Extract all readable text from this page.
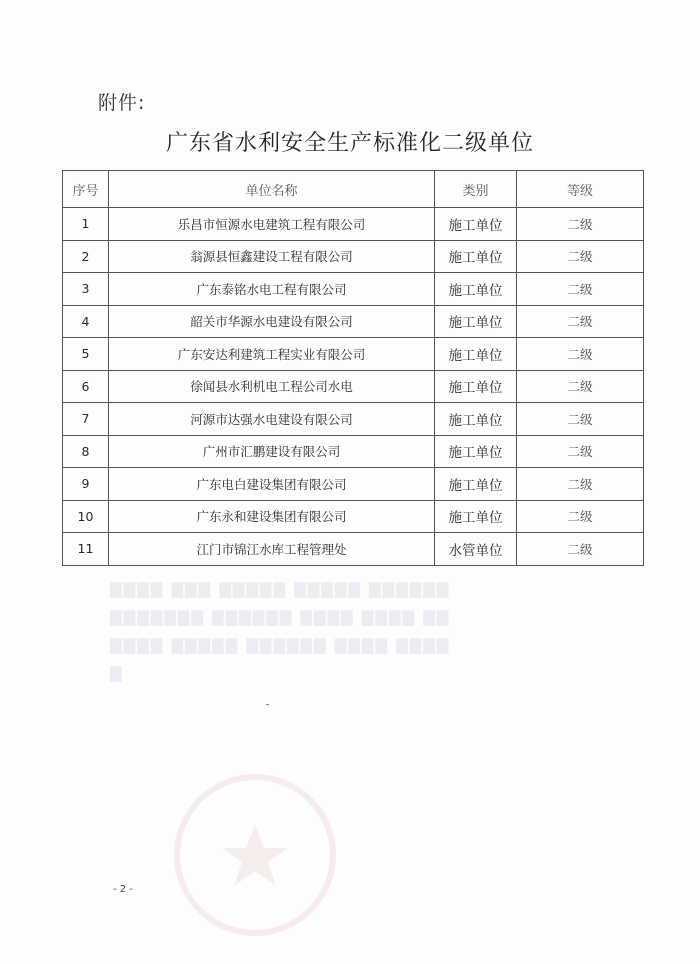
▇▇▇▇ ▇▇▇ ▇▇▇▇▇ ▇▇▇▇▇ ▇▇▇▇▇▇
▇▇▇▇▇▇▇ ▇▇▇▇▇▇ ▇▇▇▇ ▇▇▇▇ ▇▇
▇▇▇▇ ▇▇▇▇▇ ▇▇▇▇▇▇ ▇▇▇▇ ▇▇▇▇
▇
附件:
广东省水利安全生产标准化二级单位
序号	单位名称	类别	等级
1	乐昌市恒源水电建筑工程有限公司	施工单位	二级
2	翁源县恒鑫建设工程有限公司	施工单位	二级
3	广东泰铭水电工程有限公司	施工单位	二级
4	韶关市华源水电建设有限公司	施工单位	二级
5	广东安达利建筑工程实业有限公司	施工单位	二级
6	徐闻县水利机电工程公司水电	施工单位	二级
7	河源市达强水电建设有限公司	施工单位	二级
8	广州市汇鹏建设有限公司	施工单位	二级
9	广东电白建设集团有限公司	施工单位	二级
10	广东永和建设集团有限公司	施工单位	二级
11	江门市锦江水库工程管理处	水管单位	二级
- 2 -
